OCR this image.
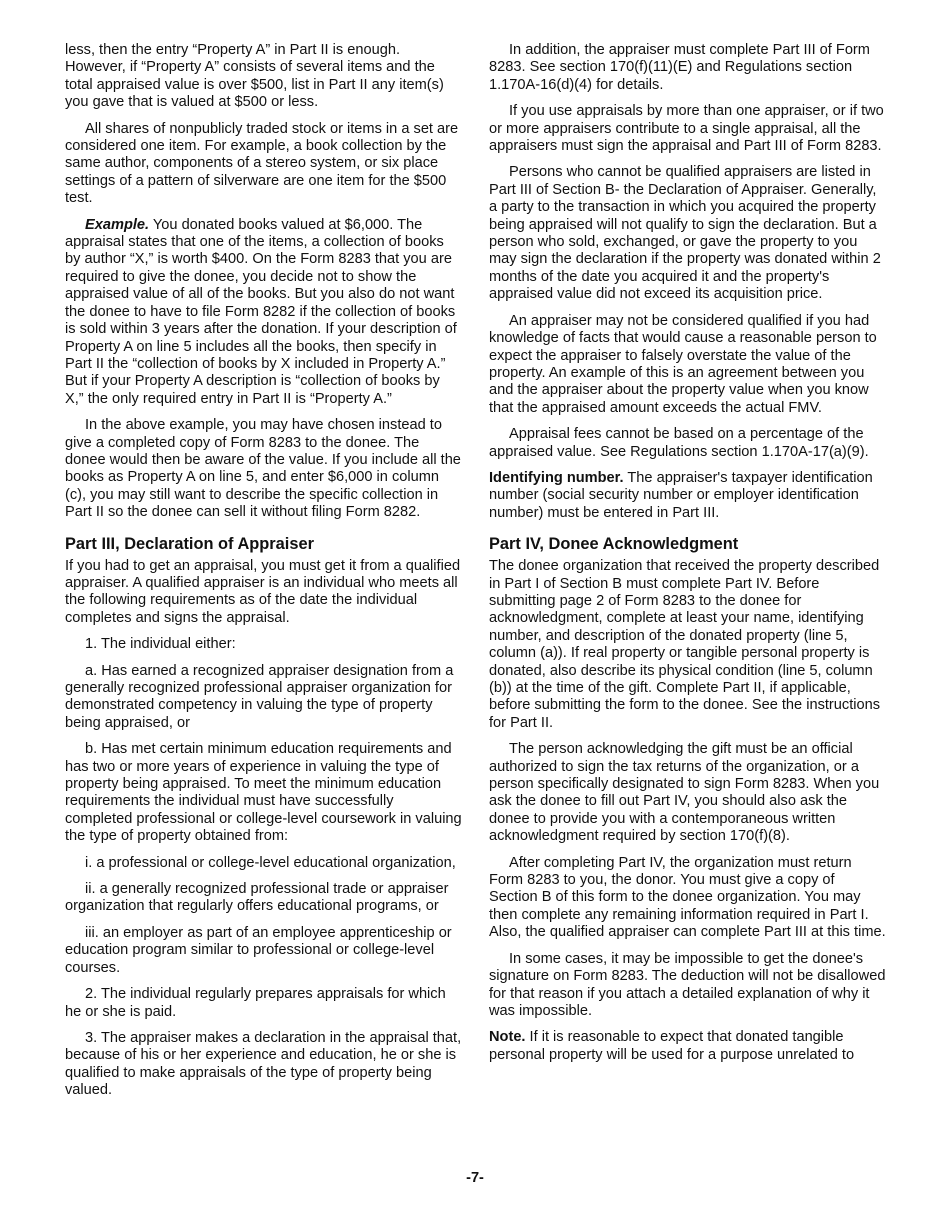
less, then the entry “Property A” in Part II is enough. However, if “Property A” consists of several items and the total appraised value is over $500, list in Part II any item(s) you gave that is valued at $500 or less.

All shares of nonpublicly traded stock or items in a set are considered one item. For example, a book collection by the same author, components of a stereo system, or six place settings of a pattern of silverware are one item for the $500 test.

Example. You donated books valued at $6,000. The appraisal states that one of the items, a collection of books by author “X,” is worth $400. On the Form 8283 that you are required to give the donee, you decide not to show the appraised value of all of the books. But you also do not want the donee to have to file Form 8282 if the collection of books is sold within 3 years after the donation. If your description of Property A on line 5 includes all the books, then specify in Part II the “collection of books by X included in Property A.” But if your Property A description is “collection of books by X,” the only required entry in Part II is “Property A.”

In the above example, you may have chosen instead to give a completed copy of Form 8283 to the donee. The donee would then be aware of the value. If you include all the books as Property A on line 5, and enter $6,000 in column (c), you may still want to describe the specific collection in Part II so the donee can sell it without filing Form 8282.

Part III, Declaration of Appraiser

If you had to get an appraisal, you must get it from a qualified appraiser. A qualified appraiser is an individual who meets all the following requirements as of the date the individual completes and signs the appraisal.

1. The individual either:

a. Has earned a recognized appraiser designation from a generally recognized professional appraiser organization for demonstrated competency in valuing the type of property being appraised, or

b. Has met certain minimum education requirements and has two or more years of experience in valuing the type of property being appraised. To meet the minimum education requirements the individual must have successfully completed professional or college-level coursework in valuing the type of property obtained from:

i. a professional or college-level educational organization,

ii. a generally recognized professional trade or appraiser organization that regularly offers educational programs, or

iii. an employer as part of an employee apprenticeship or education program similar to professional or college-level courses.

2. The individual regularly prepares appraisals for which he or she is paid.

3. The appraiser makes a declaration in the appraisal that, because of his or her experience and education, he or she is qualified to make appraisals of the type of property being valued.

In addition, the appraiser must complete Part III of Form 8283. See section 170(f)(11)(E) and Regulations section 1.170A-16(d)(4) for details.

If you use appraisals by more than one appraiser, or if two or more appraisers contribute to a single appraisal, all the appraisers must sign the appraisal and Part III of Form 8283.

Persons who cannot be qualified appraisers are listed in Part III of Section B- the Declaration of Appraiser. Generally, a party to the transaction in which you acquired the property being appraised will not qualify to sign the declaration. But a person who sold, exchanged, or gave the property to you may sign the declaration if the property was donated within 2 months of the date you acquired it and the property's appraised value did not exceed its acquisition price.

An appraiser may not be considered qualified if you had knowledge of facts that would cause a reasonable person to expect the appraiser to falsely overstate the value of the property. An example of this is an agreement between you and the appraiser about the property value when you know that the appraised amount exceeds the actual FMV.

Appraisal fees cannot be based on a percentage of the appraised value. See Regulations section 1.170A-17(a)(9).

Identifying number. The appraiser's taxpayer identification number (social security number or employer identification number) must be entered in Part III.

Part IV, Donee Acknowledgment

The donee organization that received the property described in Part I of Section B must complete Part IV. Before submitting page 2 of Form 8283 to the donee for acknowledgment, complete at least your name, identifying number, and description of the donated property (line 5, column (a)). If real property or tangible personal property is donated, also describe its physical condition (line 5, column (b)) at the time of the gift. Complete Part II, if applicable, before submitting the form to the donee. See the instructions for Part II.

The person acknowledging the gift must be an official authorized to sign the tax returns of the organization, or a person specifically designated to sign Form 8283. When you ask the donee to fill out Part IV, you should also ask the donee to provide you with a contemporaneous written acknowledgment required by section 170(f)(8).

After completing Part IV, the organization must return Form 8283 to you, the donor. You must give a copy of Section B of this form to the donee organization. You may then complete any remaining information required in Part I. Also, the qualified appraiser can complete Part III at this time.

In some cases, it may be impossible to get the donee's signature on Form 8283. The deduction will not be disallowed for that reason if you attach a detailed explanation of why it was impossible.

Note. If it is reasonable to expect that donated tangible personal property will be used for a purpose unrelated to

-7-
